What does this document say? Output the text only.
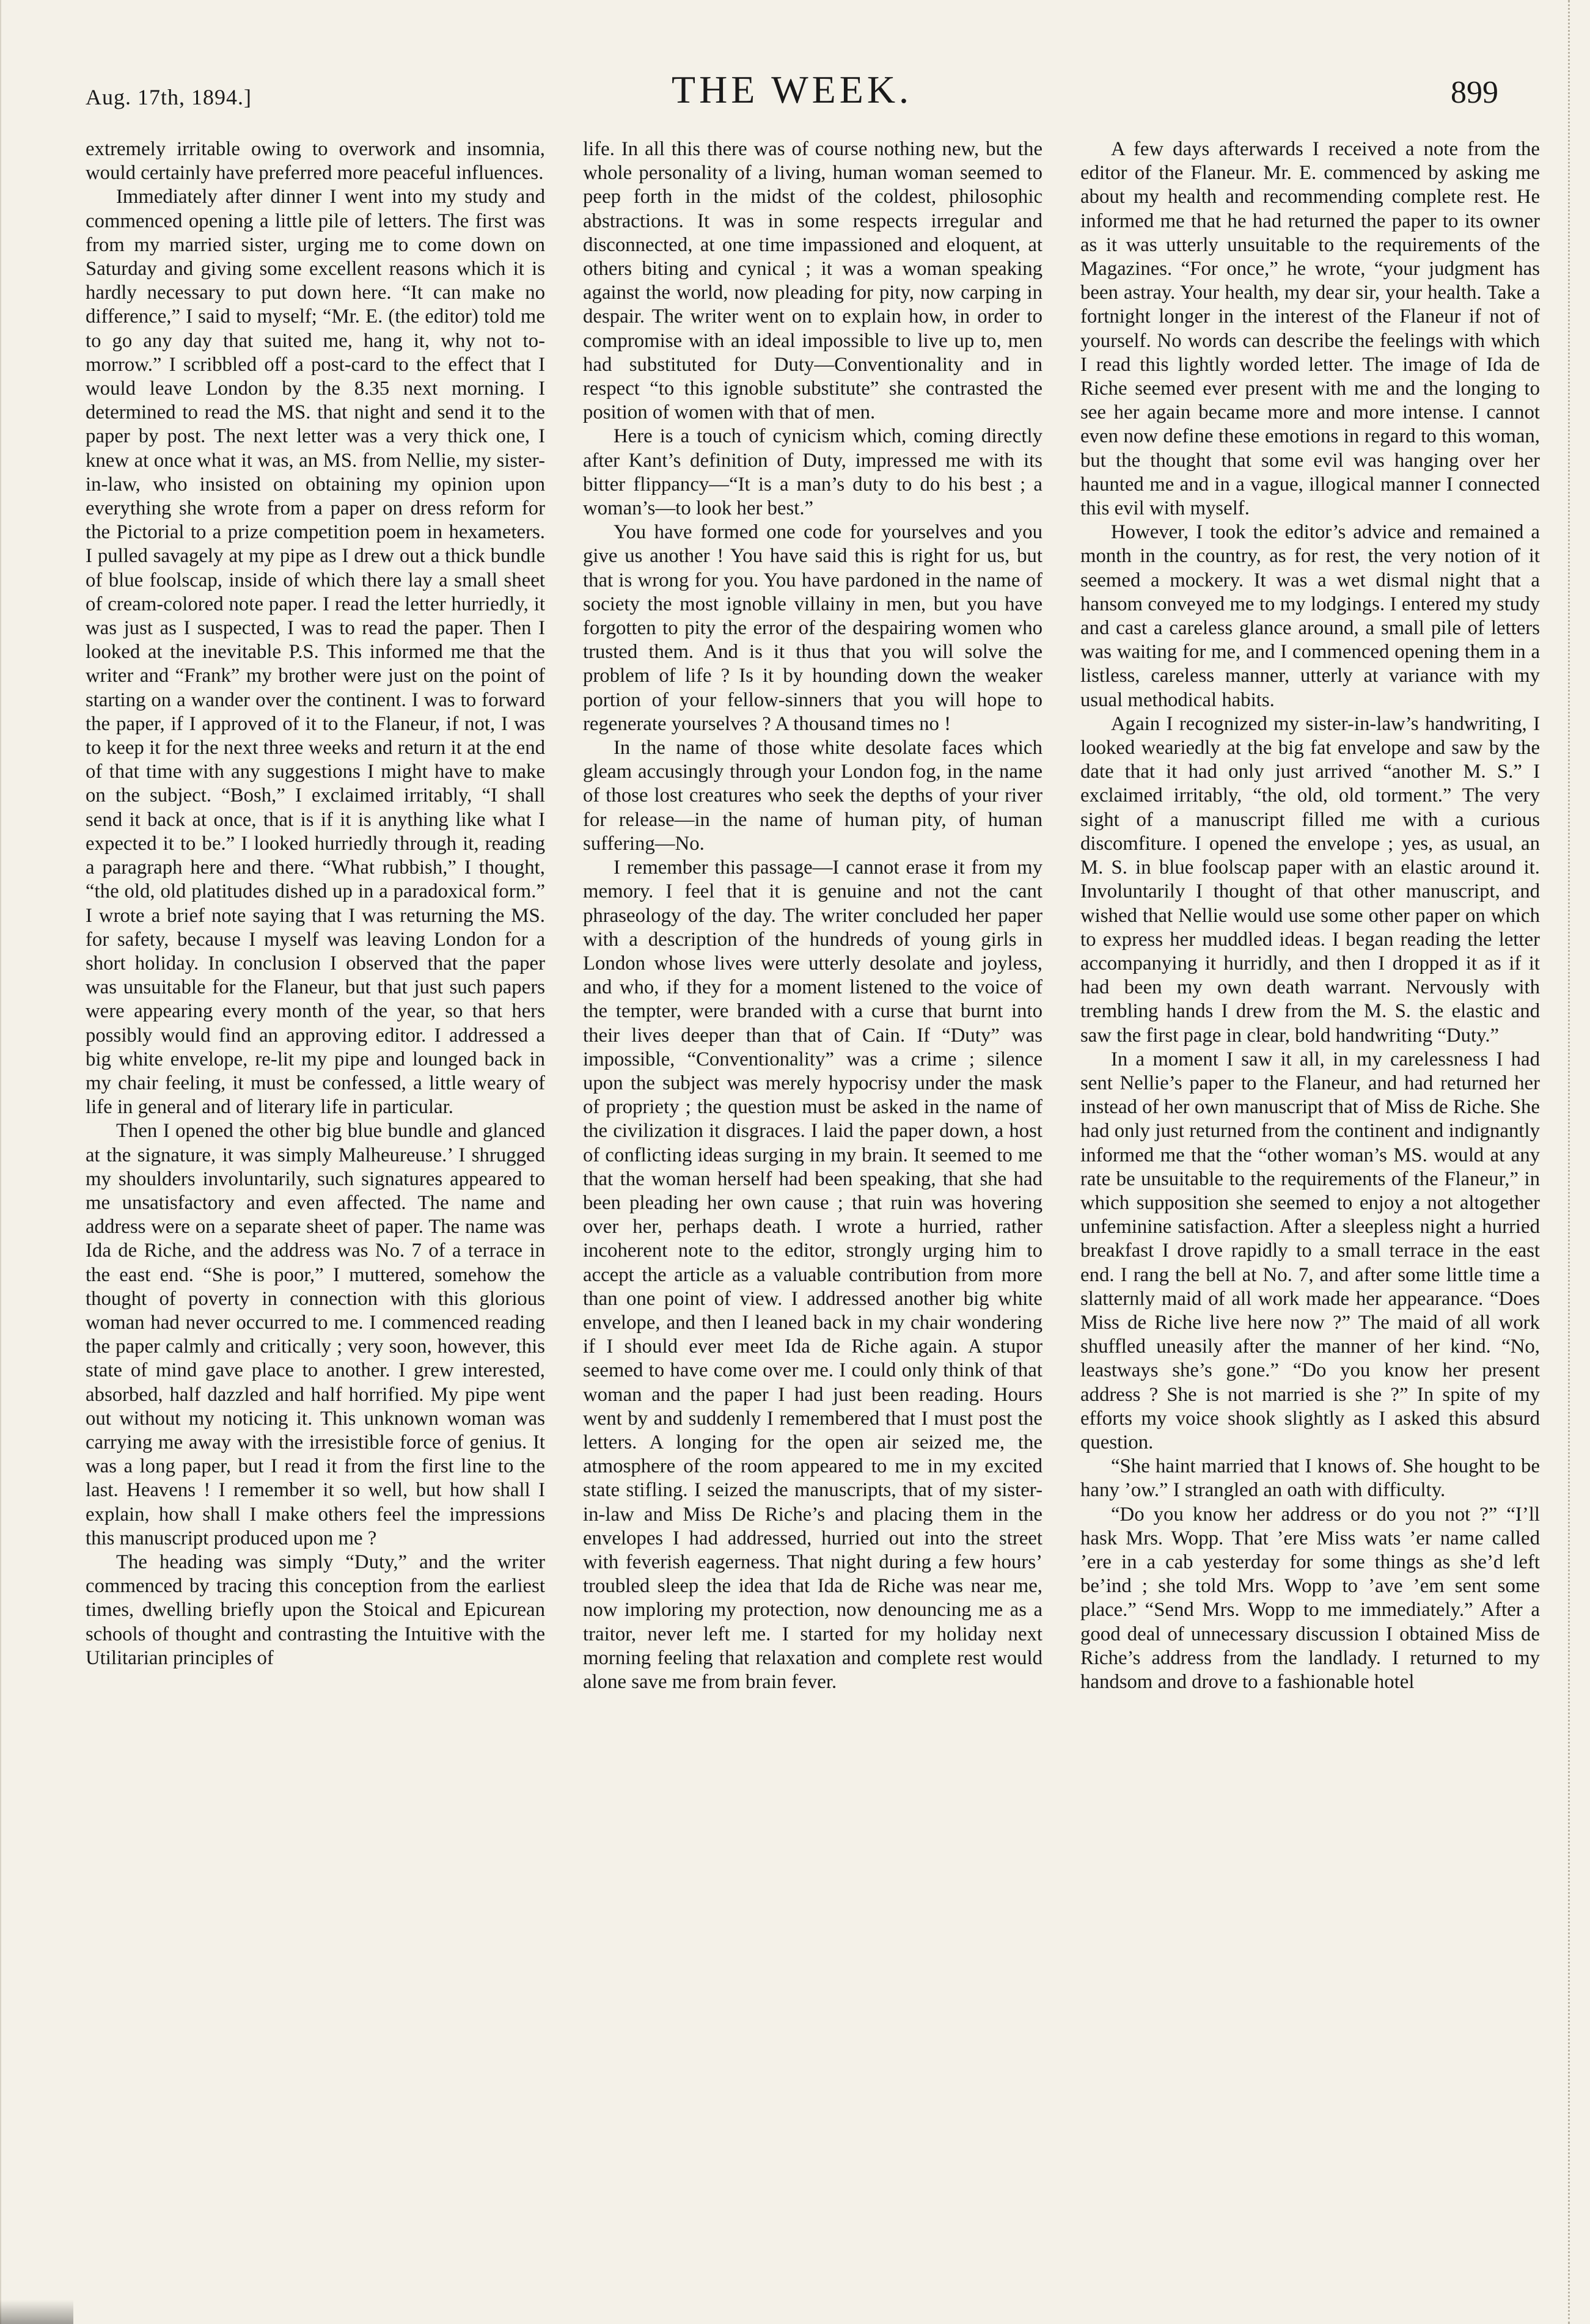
Aug. 17th, 1894.]	THE WEEK.	899

extremely irritable owing to overwork and insomnia, would certainly have preferred more peaceful influences.

Immediately after dinner I went into my study and commenced opening a little pile of letters. The first was from my married sister, urging me to come down on Saturday and giving some excellent reasons which it is hardly necessary to put down here. “It can make no difference,” I said to myself; “Mr. E. (the editor) told me to go any day that suited me, hang it, why not to-morrow.” I scribbled off a post-card to the effect that I would leave London by the 8.35 next morning. I determined to read the MS. that night and send it to the paper by post. The next letter was a very thick one, I knew at once what it was, an MS. from Nellie, my sister-in-law, who insisted on obtaining my opinion upon everything she wrote from a paper on dress reform for the Pictorial to a prize competition poem in hexameters. I pulled savagely at my pipe as I drew out a thick bundle of blue foolscap, inside of which there lay a small sheet of cream-colored note paper. I read the letter hurriedly, it was just as I suspected, I was to read the paper. Then I looked at the inevitable P.S. This informed me that the writer and “Frank” my brother were just on the point of starting on a wander over the continent. I was to forward the paper, if I approved of it to the Flaneur, if not, I was to keep it for the next three weeks and return it at the end of that time with any suggestions I might have to make on the subject. “Bosh,” I exclaimed irritably, “I shall send it back at once, that is if it is anything like what I expected it to be.” I looked hurriedly through it, reading a paragraph here and there. “What rubbish,” I thought, “the old, old platitudes dished up in a paradoxical form.” I wrote a brief note saying that I was returning the MS. for safety, because I myself was leaving London for a short holiday. In conclusion I observed that the paper was unsuitable for the Flaneur, but that just such papers were appearing every month of the year, so that hers possibly would find an approving editor. I addressed a big white envelope, re-lit my pipe and lounged back in my chair feeling, it must be confessed, a little weary of life in general and of literary life in particular.

Then I opened the other big blue bundle and glanced at the signature, it was simply Malheureuse.’ I shrugged my shoulders involuntarily, such signatures appeared to me unsatisfactory and even affected. The name and address were on a separate sheet of paper. The name was Ida de Riche, and the address was No. 7 of a terrace in the east end. “She is poor,” I muttered, somehow the thought of poverty in connection with this glorious woman had never occurred to me. I commenced reading the paper calmly and critically ; very soon, however, this state of mind gave place to another. I grew interested, absorbed, half dazzled and half horrified. My pipe went out without my noticing it. This unknown woman was carrying me away with the irresistible force of genius. It was a long paper, but I read it from the first line to the last. Heavens ! I remember it so well, but how shall I explain, how shall I make others feel the impressions this manuscript produced upon me ?

The heading was simply “Duty,” and the writer commenced by tracing this conception from the earliest times, dwelling briefly upon the Stoical and Epicurean schools of thought and contrasting the Intuitive with the Utilitarian principles of

life. In all this there was of course nothing new, but the whole personality of a living, human woman seemed to peep forth in the midst of the coldest, philosophic abstractions. It was in some respects irregular and disconnected, at one time impassioned and eloquent, at others biting and cynical ; it was a woman speaking against the world, now pleading for pity, now carping in despair. The writer went on to explain how, in order to compromise with an ideal impossible to live up to, men had substituted for Duty—Conventionality and in respect “to this ignoble substitute” she contrasted the position of women with that of men.

Here is a touch of cynicism which, coming directly after Kant’s definition of Duty, impressed me with its bitter flippancy—“It is a man’s duty to do his best ; a woman’s—to look her best.”

You have formed one code for yourselves and you give us another ! You have said this is right for us, but that is wrong for you. You have pardoned in the name of society the most ignoble villainy in men, but you have forgotten to pity the error of the despairing women who trusted them. And is it thus that you will solve the problem of life ? Is it by hounding down the weaker portion of your fellow-sinners that you will hope to regenerate yourselves ? A thousand times no !

In the name of those white desolate faces which gleam accusingly through your London fog, in the name of those lost creatures who seek the depths of your river for release—in the name of human pity, of human suffering—No.

I remember this passage—I cannot erase it from my memory. I feel that it is genuine and not the cant phraseology of the day. The writer concluded her paper with a description of the hundreds of young girls in London whose lives were utterly desolate and joyless, and who, if they for a moment listened to the voice of the tempter, were branded with a curse that burnt into their lives deeper than that of Cain. If “Duty” was impossible, “Conventionality” was a crime ; silence upon the subject was merely hypocrisy under the mask of propriety ; the question must be asked in the name of the civilization it disgraces. I laid the paper down, a host of conflicting ideas surging in my brain. It seemed to me that the woman herself had been speaking, that she had been pleading her own cause ; that ruin was hovering over her, perhaps death. I wrote a hurried, rather incoherent note to the editor, strongly urging him to accept the article as a valuable contribution from more than one point of view. I addressed another big white envelope, and then I leaned back in my chair wondering if I should ever meet Ida de Riche again. A stupor seemed to have come over me. I could only think of that woman and the paper I had just been reading. Hours went by and suddenly I remembered that I must post the letters. A longing for the open air seized me, the atmosphere of the room appeared to me in my excited state stifling. I seized the manuscripts, that of my sister-in-law and Miss De Riche’s and placing them in the envelopes I had addressed, hurried out into the street with feverish eagerness. That night during a few hours’ troubled sleep the idea that Ida de Riche was near me, now imploring my protection, now denouncing me as a traitor, never left me. I started for my holiday next morning feeling that relaxation and complete rest would alone save me from brain fever.

A few days afterwards I received a note from the editor of the Flaneur. Mr. E. commenced by asking me about my health and recommending complete rest. He informed me that he had returned the paper to its owner as it was utterly unsuitable to the requirements of the Magazines. “For once,” he wrote, “your judgment has been astray. Your health, my dear sir, your health. Take a fortnight longer in the interest of the Flaneur if not of yourself. No words can describe the feelings with which I read this lightly worded letter. The image of Ida de Riche seemed ever present with me and the longing to see her again became more and more intense. I cannot even now define these emotions in regard to this woman, but the thought that some evil was hanging over her haunted me and in a vague, illogical manner I connected this evil with myself.

However, I took the editor’s advice and remained a month in the country, as for rest, the very notion of it seemed a mockery. It was a wet dismal night that a hansom conveyed me to my lodgings. I entered my study and cast a careless glance around, a small pile of letters was waiting for me, and I commenced opening them in a listless, careless manner, utterly at variance with my usual methodical habits.

Again I recognized my sister-in-law’s handwriting, I looked weariedly at the big fat envelope and saw by the date that it had only just arrived “another M. S.” I exclaimed irritably, “the old, old torment.” The very sight of a manuscript filled me with a curious discomfiture. I opened the envelope ; yes, as usual, an M. S. in blue foolscap paper with an elastic around it. Involuntarily I thought of that other manuscript, and wished that Nellie would use some other paper on which to express her muddled ideas. I began reading the letter accompanying it hurridly, and then I dropped it as if it had been my own death warrant. Nervously with trembling hands I drew from the M. S. the elastic and saw the first page in clear, bold handwriting “Duty.”

In a moment I saw it all, in my carelessness I had sent Nellie’s paper to the Flaneur, and had returned her instead of her own manuscript that of Miss de Riche. She had only just returned from the continent and indignantly informed me that the “other woman’s MS. would at any rate be unsuitable to the requirements of the Flaneur,” in which supposition she seemed to enjoy a not altogether unfeminine satisfaction. After a sleepless night a hurried breakfast I drove rapidly to a small terrace in the east end. I rang the bell at No. 7, and after some little time a slatternly maid of all work made her appearance. “Does Miss de Riche live here now ?” The maid of all work shuffled uneasily after the manner of her kind. “No, leastways she’s gone.” “Do you know her present address ? She is not married is she ?” In spite of my efforts my voice shook slightly as I asked this absurd question.

“She haint married that I knows of. She hought to be hany ’ow.” I strangled an oath with difficulty.

“Do you know her address or do you not ?” “I’ll hask Mrs. Wopp. That ’ere Miss wats ’er name called ’ere in a cab yesterday for some things as she’d left be’ind ; she told Mrs. Wopp to ’ave ’em sent some place.” “Send Mrs. Wopp to me immediately.” After a good deal of unnecessary discussion I obtained Miss de Riche’s address from the landlady. I returned to my handsom and drove to a fashionable hotel
